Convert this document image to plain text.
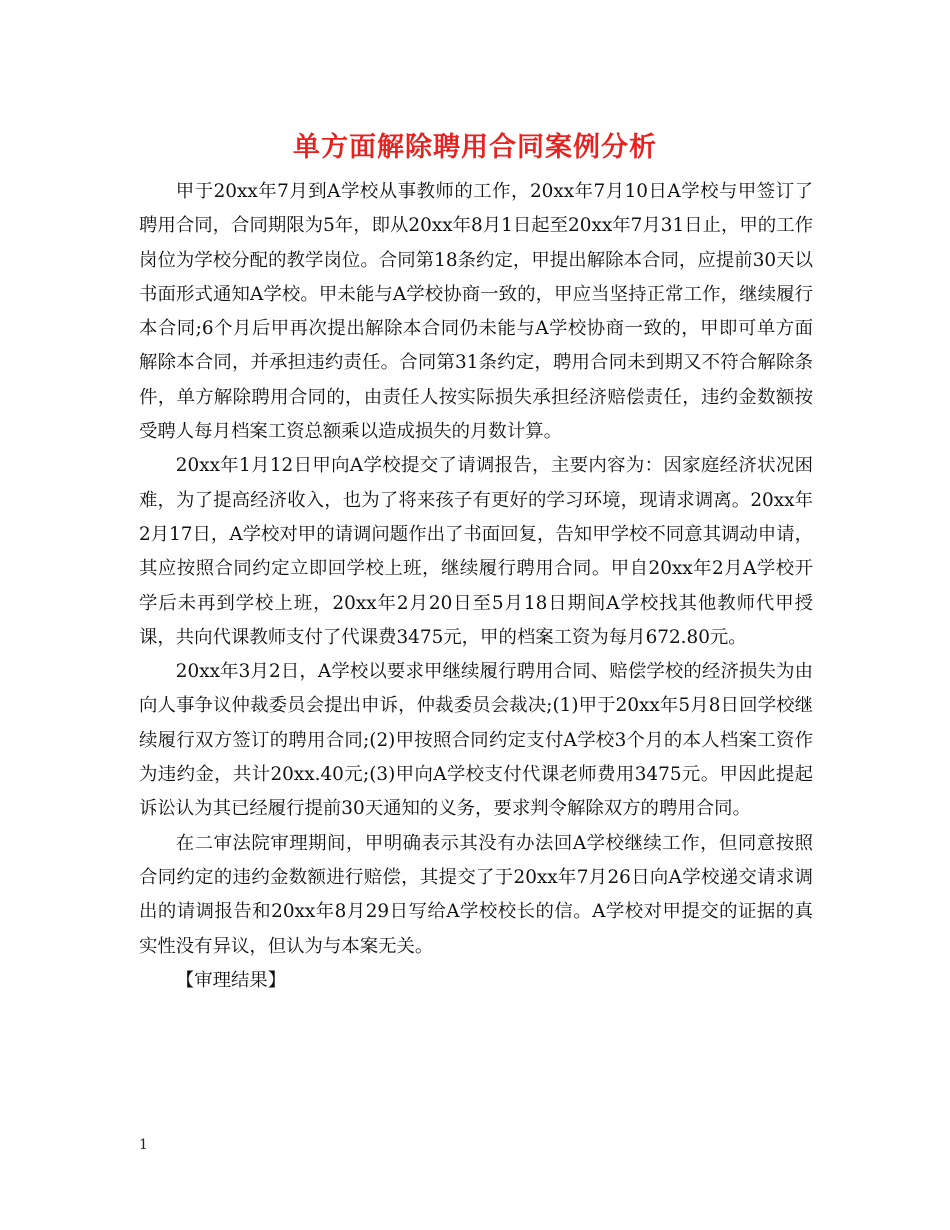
单方面解除聘用合同案例分析

甲于20xx年7月到A学校从事教师的工作，20xx年7月10日A学校与甲签订了聘用合同，合同期限为5年，即从20xx年8月1日起至20xx年7月31日止，甲的工作岗位为学校分配的教学岗位。合同第18条约定，甲提出解除本合同，应提前30天以书面形式通知A学校。甲未能与A学校协商一致的，甲应当坚持正常工作，继续履行本合同;6个月后甲再次提出解除本合同仍未能与A学校协商一致的，甲即可单方面解除本合同，并承担违约责任。合同第31条约定，聘用合同未到期又不符合解除条件，单方解除聘用合同的，由责任人按实际损失承担经济赔偿责任，违约金数额按受聘人每月档案工资总额乘以造成损失的月数计算。

20xx年1月12日甲向A学校提交了请调报告，主要内容为：因家庭经济状况困难，为了提高经济收入，也为了将来孩子有更好的学习环境，现请求调离。20xx年2月17日，A学校对甲的请调问题作出了书面回复，告知甲学校不同意其调动申请，其应按照合同约定立即回学校上班，继续履行聘用合同。甲自20xx年2月A学校开学后未再到学校上班，20xx年2月20日至5月18日期间A学校找其他教师代甲授课，共向代课教师支付了代课费3475元，甲的档案工资为每月672.80元。

20xx年3月2日，A学校以要求甲继续履行聘用合同、赔偿学校的经济损失为由向人事争议仲裁委员会提出申诉，仲裁委员会裁决;(1)甲于20xx年5月8日回学校继续履行双方签订的聘用合同;(2)甲按照合同约定支付A学校3个月的本人档案工资作为违约金，共计20xx.40元;(3)甲向A学校支付代课老师费用3475元。甲因此提起诉讼认为其已经履行提前30天通知的义务，要求判令解除双方的聘用合同。

在二审法院审理期间，甲明确表示其没有办法回A学校继续工作，但同意按照合同约定的违约金数额进行赔偿，其提交了于20xx年7月26日向A学校递交请求调出的请调报告和20xx年8月29日写给A学校校长的信。A学校对甲提交的证据的真实性没有异议，但认为与本案无关。

【审理结果】

1
